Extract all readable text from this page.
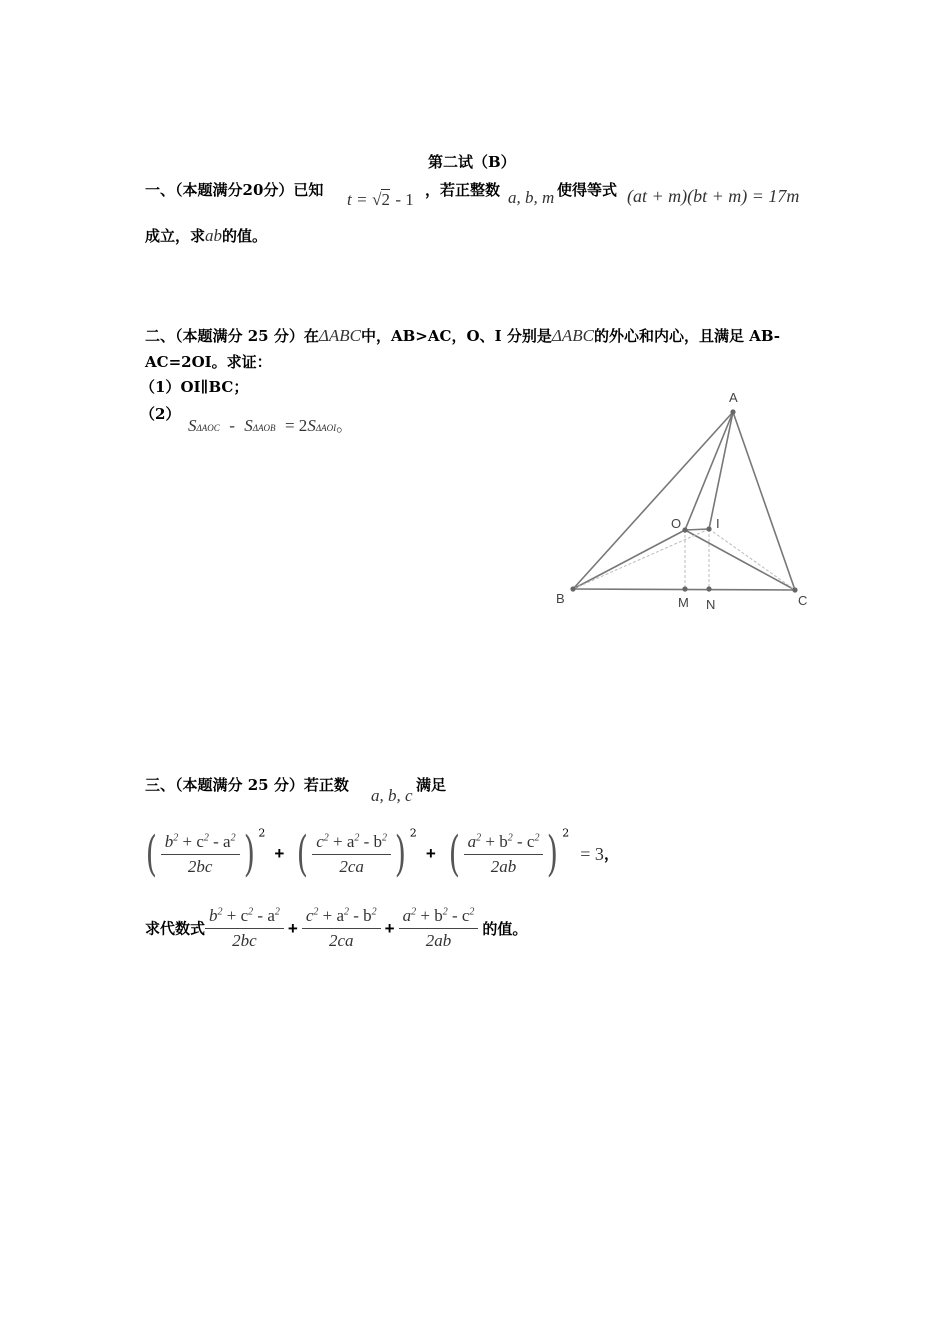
第二试（B）
一、（本题满分20分）已知 t = √2 - 1 ，若正整数 a, b, m 使得等式 (at + m)(bt + m) = 17m
成立，求ab的值。
二、（本题满分 25 分）在ΔABC中，AB>AC，O、I 分别是ΔABC的外心和内心，且满足 AB-
AC=2OI。求证：
（1）OI∥BC；
（2）
SΔAOC - SΔAOB = 2SΔAOI。
A
B	C
O	I
M N
三、（本题满分 25 分）若正数
a, b, c
满足
( $\frac{b^2 + c^2 - a^2}{2bc}$ ) $^2$ + ( $\frac{c^2 + a^2 - b^2}{2ca}$ ) $^2$ + ( $\frac{a^2 + b^2 - c^2}{2ab}$ ) $^2$ = 3，
求代数式 $\frac{b^2 + c^2 - a^2}{2bc} + \frac{c^2 + a^2 - b^2}{2ca} + \frac{a^2 + b^2 - c^2}{2ab}$ 的值。
